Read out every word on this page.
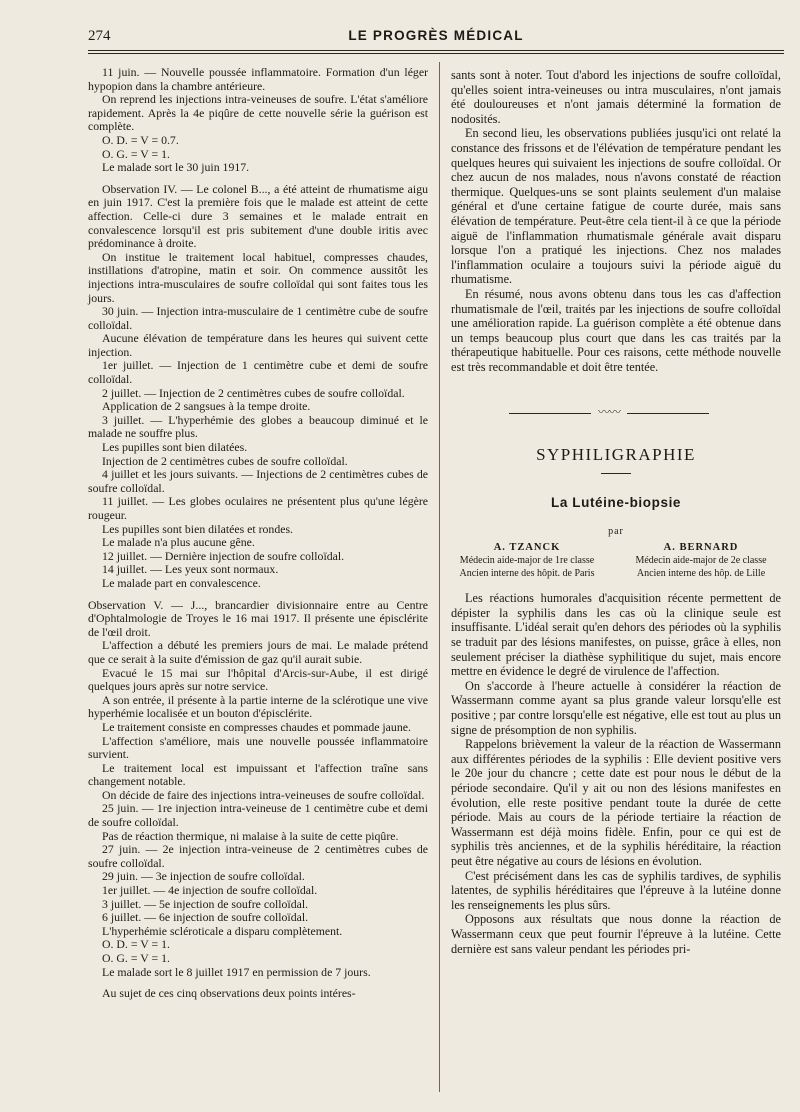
274	LE PROGRÈS MÉDICAL

11 juin. — Nouvelle poussée inflammatoire. Formation d'un léger hypopion dans la chambre antérieure.

On reprend les injections intra-veineuses de soufre. L'état s'améliore rapidement. Après la 4e piqûre de cette nouvelle série la guérison est complète.

O. D. = V = 0.7.

O. G. = V = 1.

Le malade sort le 30 juin 1917.

Observation IV. — Le colonel B..., a été atteint de rhumatisme aigu en juin 1917. C'est la première fois que le malade est atteint de cette affection. Celle-ci dure 3 semaines et le malade entrait en convalescence lorsqu'il est pris subitement d'une double iritis avec prédominance à droite.

On institue le traitement local habituel, compresses chaudes, instillations d'atropine, matin et soir. On commence aussitôt les injections intra-musculaires de soufre colloïdal qui sont faites tous les jours.

30 juin. — Injection intra-musculaire de 1 centimètre cube de soufre colloïdal.

Aucune élévation de température dans les heures qui suivent cette injection.

1er juillet. — Injection de 1 centimètre cube et demi de soufre colloïdal.

2 juillet. — Injection de 2 centimètres cubes de soufre colloïdal.

Application de 2 sangsues à la tempe droite.

3 juillet. — L'hyperhémie des globes a beaucoup diminué et le malade ne souffre plus.

Les pupilles sont bien dilatées.

Injection de 2 centimètres cubes de soufre colloïdal.

4 juillet et les jours suivants. — Injections de 2 centimètres cubes de soufre colloïdal.

11 juillet. — Les globes oculaires ne présentent plus qu'une légère rougeur.

Les pupilles sont bien dilatées et rondes.

Le malade n'a plus aucune gêne.

12 juillet. — Dernière injection de soufre colloïdal.

14 juillet. — Les yeux sont normaux.

Le malade part en convalescence.

Observation V. — J..., brancardier divisionnaire entre au Centre d'Ophtalmologie de Troyes le 16 mai 1917. Il présente une épisclérite de l'œil droit.

L'affection a débuté les premiers jours de mai. Le malade prétend que ce serait à la suite d'émission de gaz qu'il aurait subie.

Evacué le 15 mai sur l'hôpital d'Arcis-sur-Aube, il est dirigé quelques jours après sur notre service.

A son entrée, il présente à la partie interne de la sclérotique une vive hyperhémie localisée et un bouton d'épisclérite.

Le traitement consiste en compresses chaudes et pommade jaune.

L'affection s'améliore, mais une nouvelle poussée inflammatoire survient.

Le traitement local est impuissant et l'affection traîne sans changement notable.

On décide de faire des injections intra-veineuses de soufre colloïdal.

25 juin. — 1re injection intra-veineuse de 1 centimètre cube et demi de soufre colloïdal.

Pas de réaction thermique, ni malaise à la suite de cette piqûre.

27 juin. — 2e injection intra-veineuse de 2 centimètres cubes de soufre colloïdal.

29 juin. — 3e injection de soufre colloïdal.

1er juillet. — 4e injection de soufre colloïdal.

3 juillet. — 5e injection de soufre colloïdal.

6 juillet. — 6e injection de soufre colloïdal.

L'hyperhémie scléroticale a disparu complètement.

O. D. = V = 1.

O. G. = V = 1.

Le malade sort le 8 juillet 1917 en permission de 7 jours.

Au sujet de ces cinq observations deux points intéres-

sants sont à noter. Tout d'abord les injections de soufre colloïdal, qu'elles soient intra-veineuses ou intra musculaires, n'ont jamais été douloureuses et n'ont jamais déterminé la formation de nodosités.

En second lieu, les observations publiées jusqu'ici ont relaté la constance des frissons et de l'élévation de température pendant les quelques heures qui suivaient les injections de soufre colloïdal. Or chez aucun de nos malades, nous n'avons constaté de réaction thermique. Quelques-uns se sont plaints seulement d'un malaise général et d'une certaine fatigue de courte durée, mais sans élévation de température. Peut-être cela tient-il à ce que la période aiguë de l'inflammation rhumatismale générale avait disparu lorsque l'on a pratiqué les injections. Chez nos malades l'inflammation oculaire a toujours suivi la période aiguë du rhumatisme.

En résumé, nous avons obtenu dans tous les cas d'affection rhumatismale de l'œil, traités par les injections de soufre colloïdal une amélioration rapide. La guérison complète a été obtenue dans un temps beaucoup plus court que dans les cas traités par la thérapeutique habituelle. Pour ces raisons, cette méthode nouvelle est très recommandable et doit être tentée.

〰〰
SYPHILIGRAPHIE
La Lutéine-biopsie
par
A. TZANCK
Médecin aide-major de 1re classe
Ancien interne des hôpit. de Paris
A. BERNARD
Médecin aide-major de 2e classe
Ancien interne des hôp. de Lille

Les réactions humorales d'acquisition récente permettent de dépister la syphilis dans les cas où la clinique seule est insuffisante. L'idéal serait qu'en dehors des périodes où la syphilis se traduit par des lésions manifestes, on puisse, grâce à elles, non seulement préciser la diathèse syphilitique du sujet, mais encore mettre en évidence le degré de virulence de l'affection.

On s'accorde à l'heure actuelle à considérer la réaction de Wassermann comme ayant sa plus grande valeur lorsqu'elle est positive ; par contre lorsqu'elle est négative, elle est tout au plus un signe de présomption de non syphilis.

Rappelons brièvement la valeur de la réaction de Wassermann aux différentes périodes de la syphilis : Elle devient positive vers le 20e jour du chancre ; cette date est pour nous le début de la période secondaire. Qu'il y ait ou non des lésions manifestes en évolution, elle reste positive pendant toute la durée de cette période. Mais au cours de la période tertiaire la réaction de Wassermann est déjà moins fidèle. Enfin, pour ce qui est de syphilis très anciennes, et de la syphilis héréditaire, la réaction peut être négative au cours de lésions en évolution.

C'est précisément dans les cas de syphilis tardives, de syphilis latentes, de syphilis héréditaires que l'épreuve à la lutéine donne les renseignements les plus sûrs.

Opposons aux résultats que nous donne la réaction de Wassermann ceux que peut fournir l'épreuve à la lutéine. Cette dernière est sans valeur pendant les périodes pri-
